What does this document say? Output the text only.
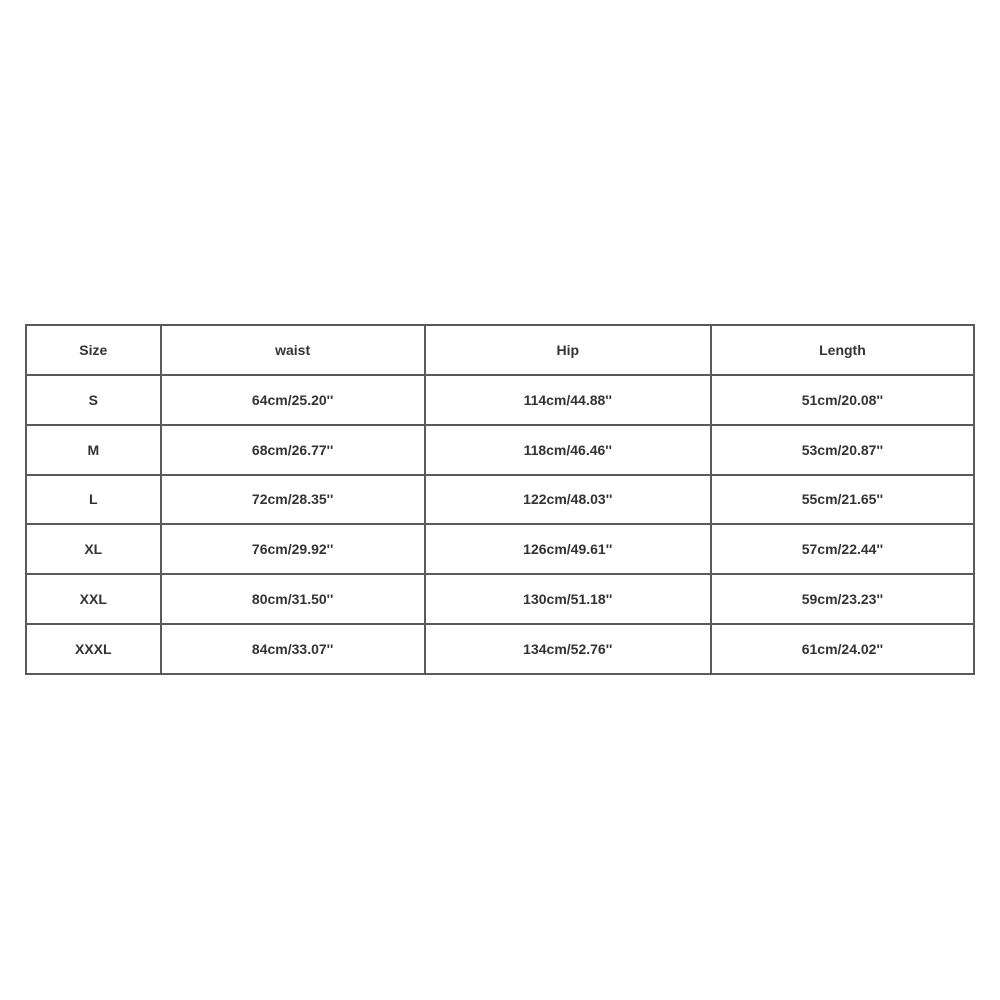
Size	waist	Hip	Length
S	64cm/25.20''	114cm/44.88''	51cm/20.08''
M	68cm/26.77''	118cm/46.46''	53cm/20.87''
L	72cm/28.35''	122cm/48.03''	55cm/21.65''
XL	76cm/29.92''	126cm/49.61''	57cm/22.44''
XXL	80cm/31.50''	130cm/51.18''	59cm/23.23''
XXXL	84cm/33.07''	134cm/52.76''	61cm/24.02''
